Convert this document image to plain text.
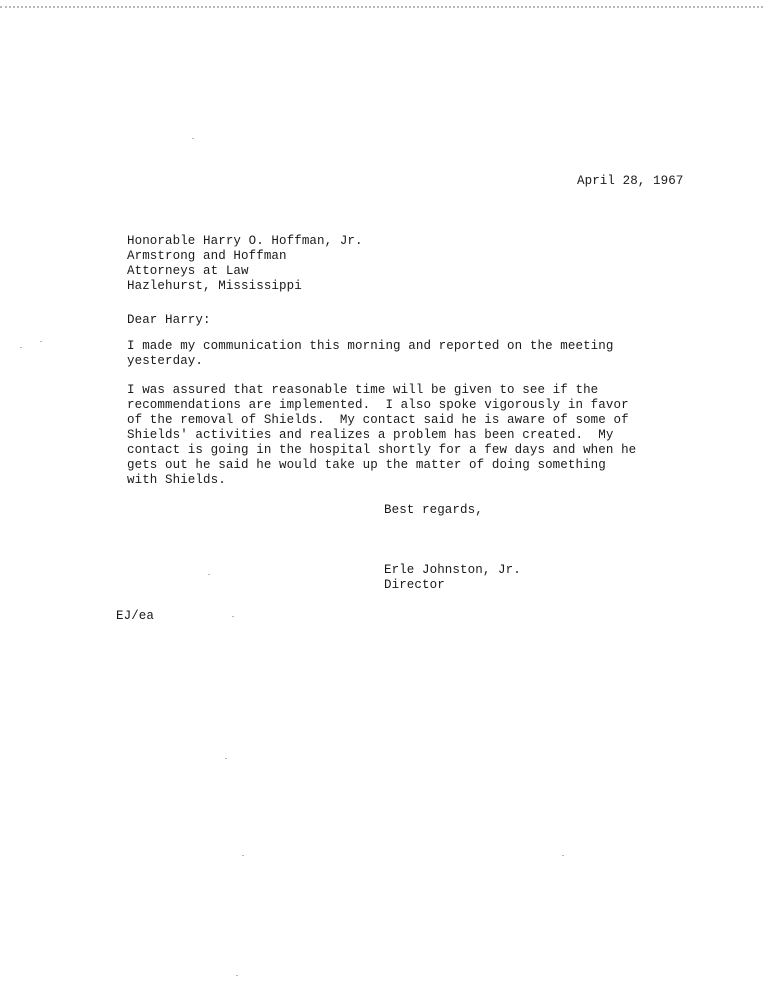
April 28, 1967
Honorable Harry O. Hoffman, Jr.
Armstrong and Hoffman
Attorneys at Law
Hazlehurst, Mississippi
Dear Harry:
I made my communication this morning and reported on the meeting
yesterday.
I was assured that reasonable time will be given to see if the
recommendations are implemented.  I also spoke vigorously in favor
of the removal of Shields.  My contact said he is aware of some of
Shields' activities and realizes a problem has been created.  My
contact is going in the hospital shortly for a few days and when he
gets out he said he would take up the matter of doing something
with Shields.
Best regards,
Erle Johnston, Jr.
Director
EJ/ea
